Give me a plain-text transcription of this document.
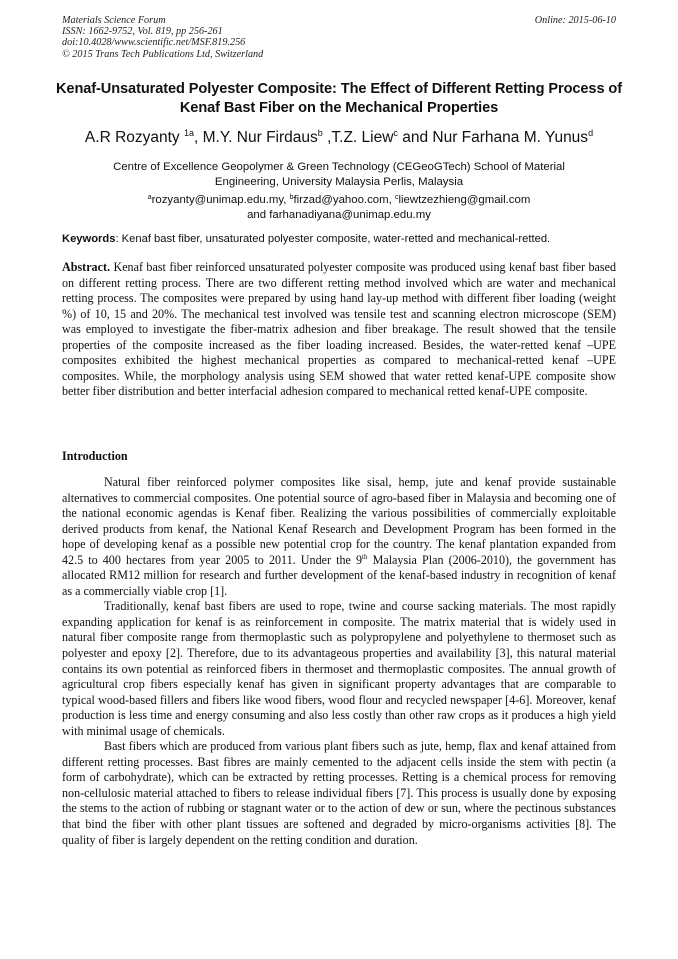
Materials Science Forum
ISSN: 1662-9752, Vol. 819, pp 256-261
doi:10.4028/www.scientific.net/MSF.819.256
© 2015 Trans Tech Publications Ltd, Switzerland
Online: 2015-06-10
Kenaf-Unsaturated Polyester Composite: The Effect of Different Retting Process of Kenaf Bast Fiber on the Mechanical Properties
A.R Rozyanty $^{1a}$, M.Y. Nur Firdaus$^b$ ,T.Z. Liew$^c$ and Nur Farhana M. Yunus$^d$
Centre of Excellence Geopolymer & Green Technology (CEGeoGTech) School of Material
Engineering, University Malaysia Perlis, Malaysia
$^a$rozyanty@unimap.edu.my, $^b$firzad@yahoo.com, $^c$liewtzezhieng@gmail.com
and farhanadiyana@unimap.edu.my
Keywords: Kenaf bast fiber, unsaturated polyester composite, water-retted and mechanical-retted.

Abstract. Kenaf bast fiber reinforced unsaturated polyester composite was produced using kenaf bast fiber based on different retting process. There are two different retting method involved which are water and mechanical retting process. The composites were prepared by using hand lay-up method with different fiber loading (weight %) of 10, 15 and 20%. The mechanical test involved was tensile test and scanning electron microscope (SEM) was employed to investigate the fiber-matrix adhesion and fiber breakage. The result showed that the tensile properties of the composite increased as the fiber loading increased. Besides, the water-retted kenaf –UPE composites exhibited the highest mechanical properties as compared to mechanical-retted kenaf –UPE composites. While, the morphology analysis using SEM showed that water retted kenaf-UPE composite show better fiber distribution and better interfacial adhesion compared to mechanical retted kenaf-UPE composite.

Introduction

Natural fiber reinforced polymer composites like sisal, hemp, jute and kenaf provide sustainable alternatives to commercial composites. One potential source of agro-based fiber in Malaysia and becoming one of the national economic agendas is Kenaf fiber. Realizing the various possibilities of commercially exploitable derived products from kenaf, the National Kenaf Research and Development Program has been formed in the hope of developing kenaf as a possible new potential crop for the country. The kenaf plantation expanded from 42.5 to 400 hectares from year 2005 to 2011. Under the 9th Malaysia Plan (2006-2010), the government has allocated RM12 million for research and further development of the kenaf-based industry in recognition of kenaf as a commercially viable crop [1].

Traditionally, kenaf bast fibers are used to rope, twine and course sacking materials. The most rapidly expanding application for kenaf is as reinforcement in composite. The matrix material that is widely used in natural fiber composite range from thermoplastic such as polypropylene and polyethylene to thermoset such as polyester and epoxy [2]. Therefore, due to its advantageous properties and availability [3], this natural material contains its own potential as reinforced fibers in thermoset and thermoplastic composites. The annual growth of agricultural crop fibers especially kenaf has given in significant property advantages that are comparable to typical wood-based fillers and fibers like wood fibers, wood flour and recycled newspaper [4-6]. Moreover, kenaf production is less time and energy consuming and also less costly than other raw crops as it produces a high yield with minimal usage of chemicals.

Bast fibers which are produced from various plant fibers such as jute, hemp, flax and kenaf attained from different retting processes. Bast fibres are mainly cemented to the adjacent cells inside the stem with pectin (a form of carbohydrate), which can be extracted by retting processes. Retting is a chemical process for removing non-cellulosic material attached to fibers to release individual fibers [7]. This process is usually done by exposing the stems to the action of rubbing or stagnant water or to the action of dew or sun, where the pectinous substances that bind the fiber with other plant tissues are softened and degraded by micro-organisms activities [8]. The quality of fiber is largely dependent on the retting condition and duration.
